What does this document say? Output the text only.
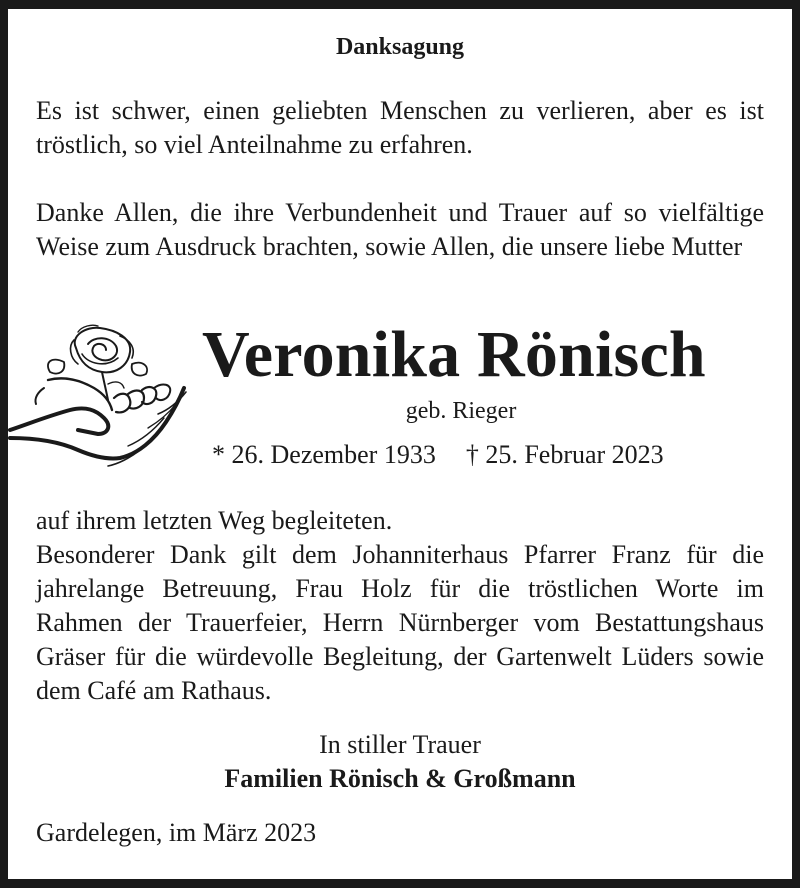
Danksagung
Es ist schwer, einen geliebten Menschen zu verlieren, aber es ist tröstlich, so viel Anteilnahme zu erfahren.
Danke Allen, die ihre Verbundenheit und Trauer auf so vielfältige Weise zum Ausdruck brachten, sowie Allen, die unsere liebe Mutter
Veronika Rönisch
geb. Rieger
* 26. Dezember 1933 † 25. Februar 2023
auf ihrem letzten Weg begleiteten.
Besonderer Dank gilt dem Johanniterhaus Pfarrer Franz für die jahrelange Betreuung, Frau Holz für die tröstlichen Worte im Rahmen der Trauerfeier, Herrn Nürnberger vom Bestattungshaus Gräser für die würdevolle Begleitung, der Gartenwelt Lüders sowie dem Café am Rathaus.
In stiller Trauer
Familien Rönisch & Großmann
Gardelegen, im März 2023
